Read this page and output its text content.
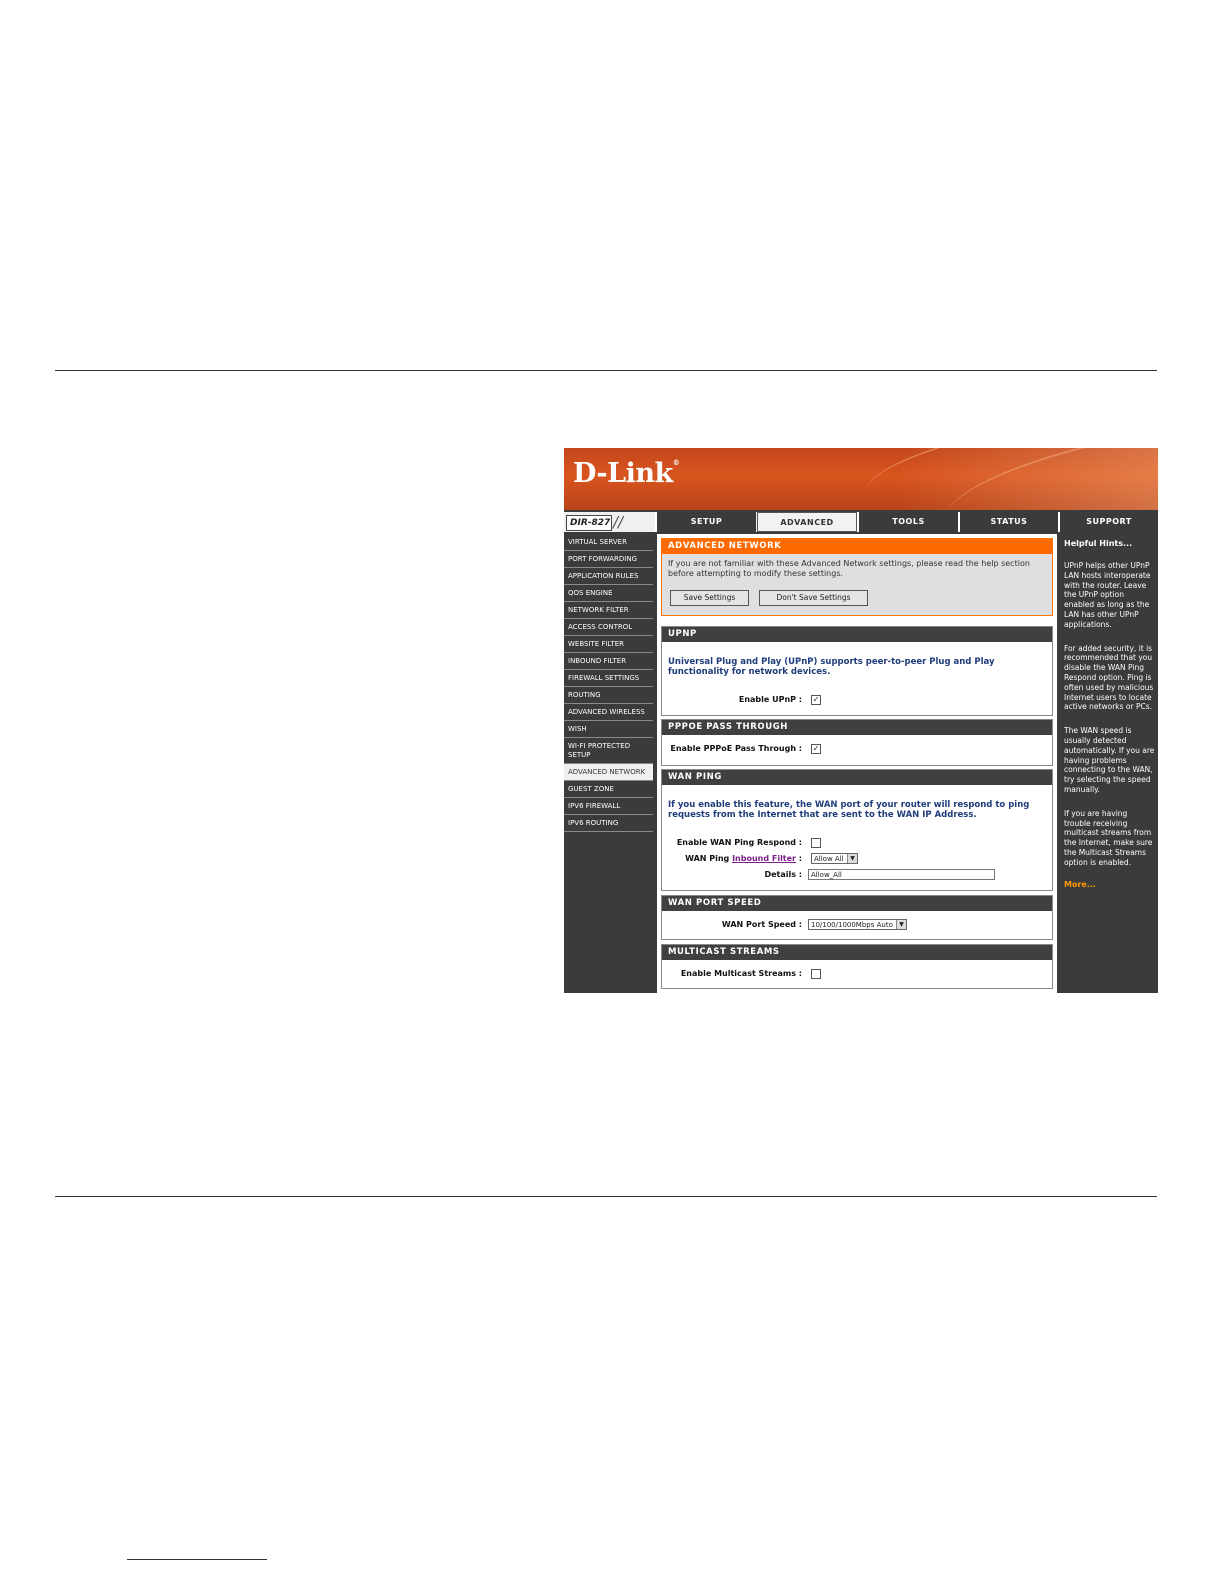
D-Link®
DIR-827 //	SETUP	ADVANCED	TOOLS	STATUS	SUPPORT
VIRTUAL SERVER
PORT FORWARDING
APPLICATION RULES
QOS ENGINE
NETWORK FILTER
ACCESS CONTROL
WEBSITE FILTER
INBOUND FILTER
FIREWALL SETTINGS
ROUTING
ADVANCED WIRELESS
WISH
WI-FI PROTECTED SETUP
ADVANCED NETWORK
GUEST ZONE
IPV6 FIREWALL
IPV6 ROUTING
ADVANCED NETWORK
If you are not familiar with these Advanced Network settings, please read the help section before attempting to modify these settings.
Save Settings	Don't Save Settings
UPNP
Universal Plug and Play (UPnP) supports peer-to-peer Plug and Play functionality for network devices.
Enable UPnP : ✓
PPPOE PASS THROUGH
Enable PPPoE Pass Through : ✓
WAN PING
If you enable this feature, the WAN port of your router will respond to ping requests from the Internet that are sent to the WAN IP Address.
Enable WAN Ping Respond :
WAN Ping Inbound Filter :	Allow All	▼
Details :	Allow_All
WAN PORT SPEED
WAN Port Speed :	10/100/1000Mbps Auto	▼
MULTICAST STREAMS
Enable Multicast Streams :
Helpful Hints...
UPnP helps other UPnP LAN hosts interoperate with the router. Leave the UPnP option enabled as long as the LAN has other UPnP applications.
For added security, it is recommended that you disable the WAN Ping Respond option. Ping is often used by malicious Internet users to locate active networks or PCs.
The WAN speed is usually detected automatically. If you are having problems connecting to the WAN, try selecting the speed manually.
If you are having trouble receiving multicast streams from the Internet, make sure the Multicast Streams option is enabled.
More...
